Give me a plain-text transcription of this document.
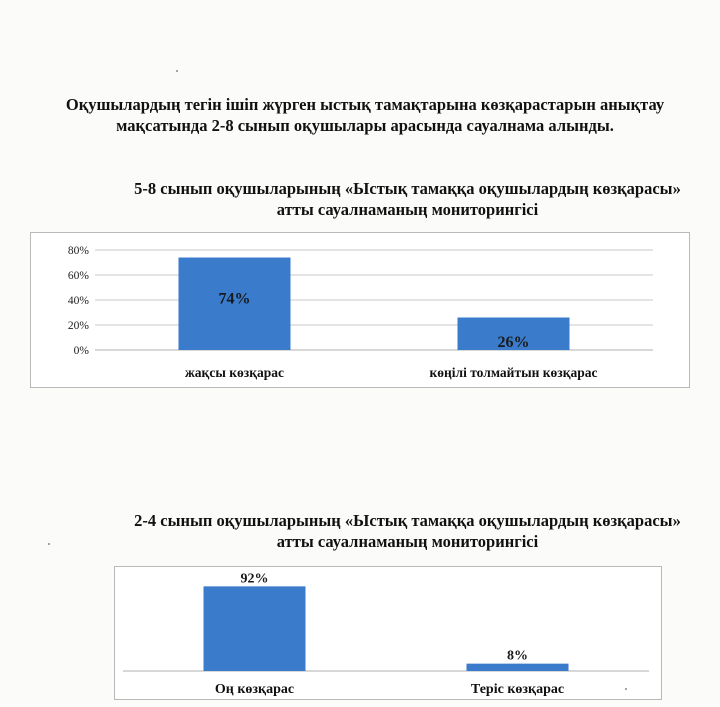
Оқушылардың тегін ішіп жүрген ыстық тамақтарына көзқарастарын анықтау
мақсатында 2-8 сынып оқушылары арасында сауалнама алынды.
5-8 сынып оқушыларының «Ыстық тамаққа оқушылардың көзқарасы»
атты сауалнаманың мониторингісі
0%
20%
40%
60%
80%
74%
жақсы көзқарас
26%
көңілі толмайтын көзқарас
2-4 сынып оқушыларының «Ыстық тамаққа оқушылардың көзқарасы»
атты сауалнаманың мониторингісі
92%
Оң көзқарас
8%
Теріс көзқарас
